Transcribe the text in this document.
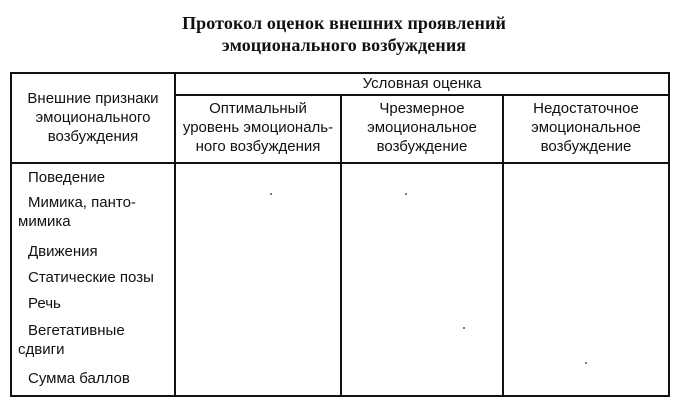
Протокол оценок внешних проявлений
эмоционального возбуждения
Внешние признаки
эмоционального
возбуждения
Условная оценка
Оптимальный
уровень эмоциональ-
ного возбуждения
Чрезмерное
эмоциональное
возбуждение
Недостаточное
эмоциональное
возбуждение
Поведение
Мимика, панто-
мимика
Движения
Статические позы
Речь
Вегетативные
сдвиги
Сумма баллов
